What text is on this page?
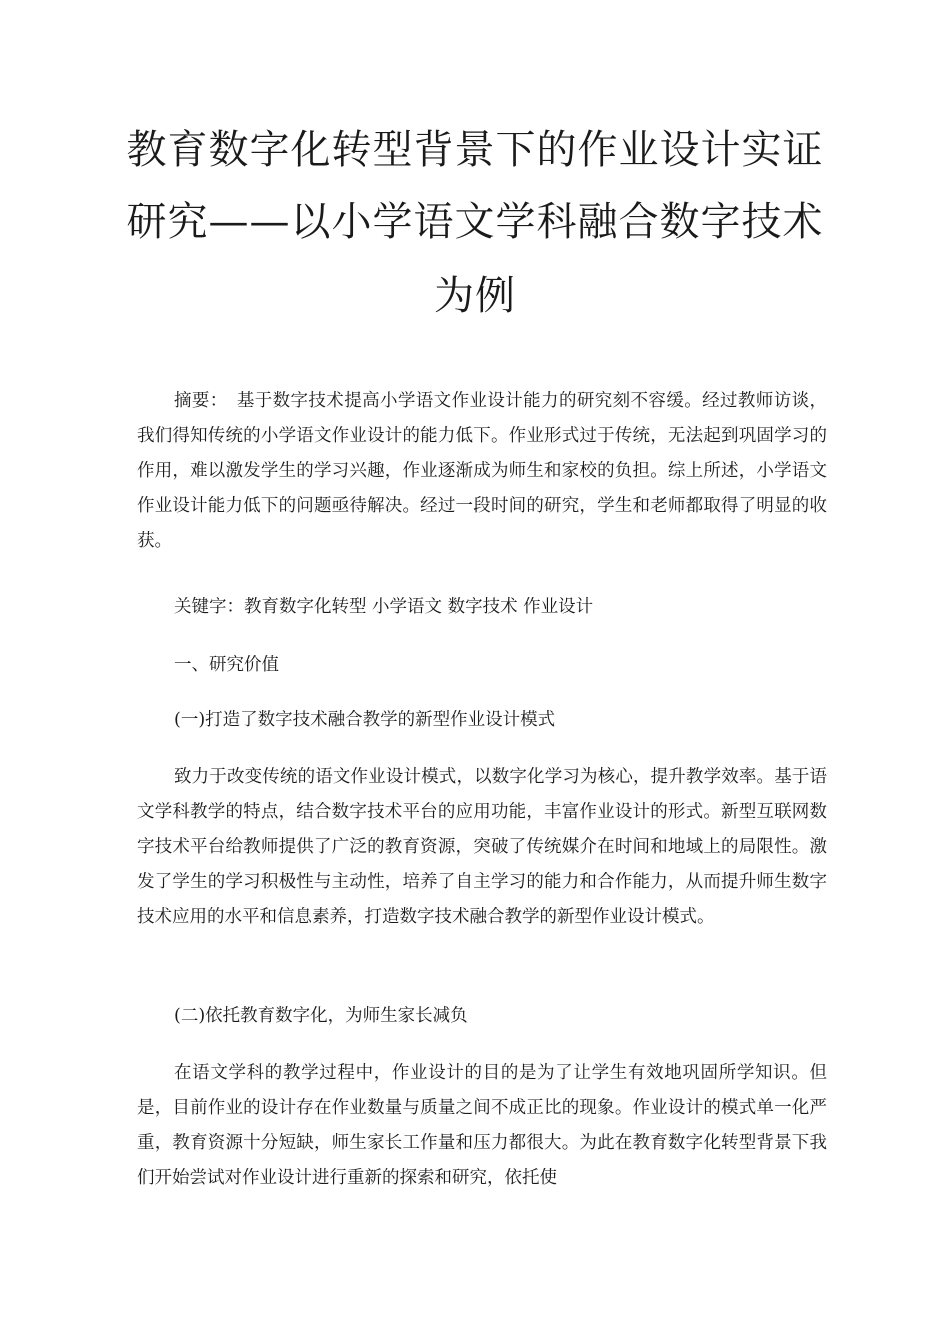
教育数字化转型背景下的作业设计实证
研究——以小学语文学科融合数字技术
为例

摘要：　基于数字技术提高小学语文作业设计能力的研究刻不容缓。经过教师访谈，我们得知传统的小学语文作业设计的能力低下。作业形式过于传统，无法起到巩固学习的作用，难以激发学生的学习兴趣，作业逐渐成为师生和家校的负担。综上所述，小学语文作业设计能力低下的问题亟待解决。经过一段时间的研究，学生和老师都取得了明显的收获。

关键字：教育数字化转型 小学语文 数字技术 作业设计

一、研究价值

(一)打造了数字技术融合教学的新型作业设计模式

致力于改变传统的语文作业设计模式，以数字化学习为核心，提升教学效率。基于语文学科教学的特点，结合数字技术平台的应用功能，丰富作业设计的形式。新型互联网数字技术平台给教师提供了广泛的教育资源，突破了传统媒介在时间和地域上的局限性。激发了学生的学习积极性与主动性，培养了自主学习的能力和合作能力，从而提升师生数字技术应用的水平和信息素养，打造数字技术融合教学的新型作业设计模式。

(二)依托教育数字化，为师生家长减负

在语文学科的教学过程中，作业设计的目的是为了让学生有效地巩固所学知识。但是，目前作业的设计存在作业数量与质量之间不成正比的现象。作业设计的模式单一化严重，教育资源十分短缺，师生家长工作量和压力都很大。为此在教育数字化转型背景下我们开始尝试对作业设计进行重新的探索和研究，依托使
